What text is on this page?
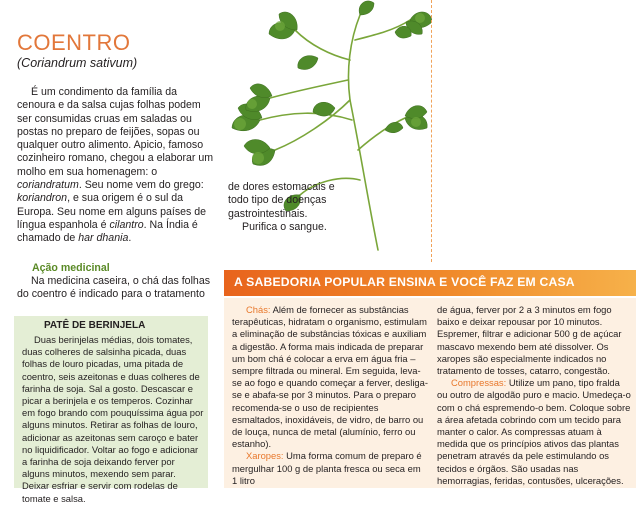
COENTRO
(Coriandrum sativum)
É um condimento da família da cenoura e da salsa cujas folhas podem ser consumidas cruas em saladas ou postas no preparo de feijões, sopas ou qualquer outro alimento. Apicio, famoso cozinheiro romano, chegou a elaborar um molho em sua homenagem: o coriandratum. Seu nome vem do grego: koriandron, e sua origem é o sul da Europa. Seu nome em alguns países de língua espanhola é cilantro. Na Índia é chamado de har dhania.
de dores estomacais e todo tipo de doenças gastrointestinais.
Purifica o sangue.
Ação medicinal
Na medicina caseira, o chá das folhas do coentro é indicado para o tratamento
A SABEDORIA POPULAR ENSINA E VOCÊ FAZ EM CASA
PATÊ DE BERINJELA
Duas berinjelas médias, dois tomates, duas colheres de salsinha picada, duas folhas de louro picadas, uma pitada de coentro, seis azeitonas e duas colheres de farinha de soja. Sal a gosto. Descascar e picar a berinjela e os temperos. Cozinhar em fogo brando com pouquíssima água por alguns minutos. Retirar as folhas de louro, adicionar as azeitonas sem caroço e bater no liquidificador. Voltar ao fogo e adicionar a farinha de soja deixando ferver por alguns minutos, mexendo sem parar. Deixar esfriar e servir com rodelas de tomate e salsa.
Chás: Além de fornecer as substâncias terapêuticas, hidratam o organismo, estimulam a eliminação de substâncias tóxicas e auxiliam a digestão. A forma mais indicada de preparar um bom chá é colocar a erva em água fria – sempre filtrada ou mineral. Em seguida, leva-se ao fogo e quando começar a ferver, desliga-se e abafa-se por 3 minutos. Para o preparo recomenda-se o uso de recipientes esmaltados, inoxidáveis, de vidro, de barro ou de louça, nunca de metal (alumínio, ferro ou estanho).
Xaropes: Uma forma comum de preparo é mergulhar 100 g de planta fresca ou seca em 1 litro
de água, ferver por 2 a 3 minutos em fogo baixo e deixar repousar por 10 minutos. Espremer, filtrar e adicionar 500 g de açúcar mascavo mexendo bem até dissolver. Os xaropes são especialmente indicados no tratamento de tosses, catarro, congestão.
Compressas: Utilize um pano, tipo fralda ou outro de algodão puro e macio. Umedeça-o com o chá espremendo-o bem. Coloque sobre a área afetada cobrindo com um tecido para manter o calor. As compressas atuam à medida que os princípios ativos das plantas penetram através da pele estimulando os tecidos e órgãos. São usadas nas hemorragias, feridas, contusões, ulcerações.
